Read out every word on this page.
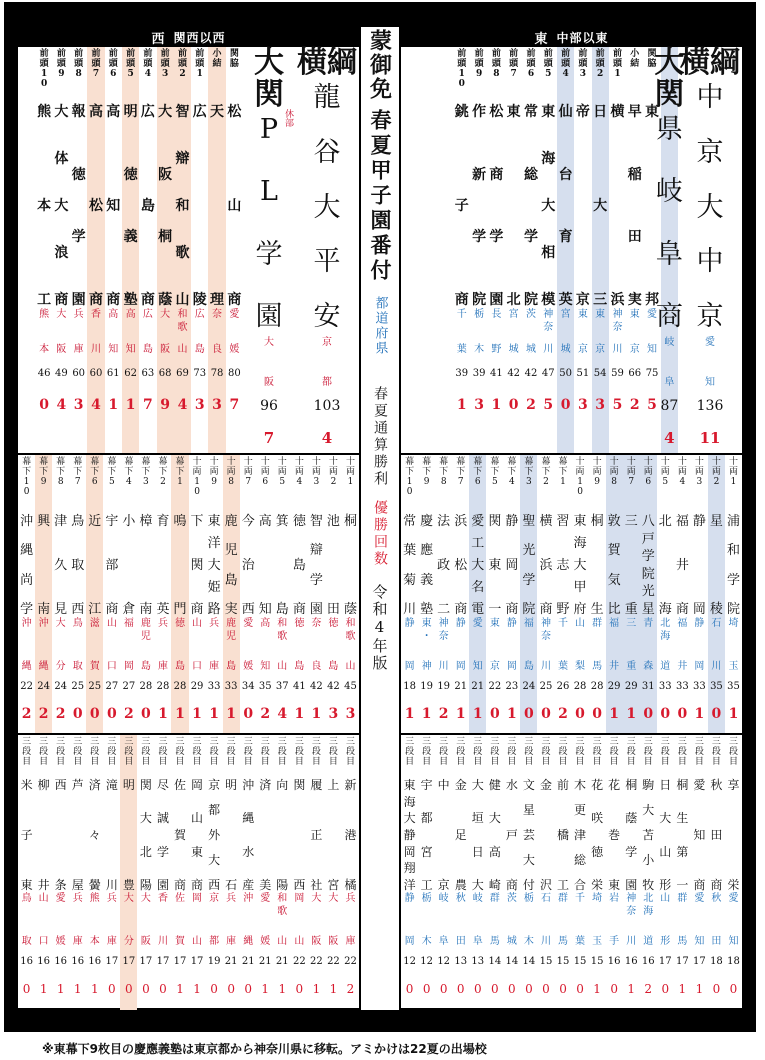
西 関西以西
横綱
龍
谷
大
平
安
京
都
103
4
大関
P
L
学
園
休部
大
阪
96
7
関
脇
松
山
商
愛
媛
80
7
小
結
天
理
奈
良
78
3
前
頭
1
広
陵
広
島
73
3
前
頭
2
智
辯
和
歌
山
和
歌
山
69
4
前
頭
3
大
阪
桐
蔭
大
阪
68
9
前
頭
4
広
島
商
広
島
63
7
前
頭
5
明
徳
義
塾
高
知
62
1
前
頭
6
高
知
商
高
知
61
1
前
頭
7
高
松
商
香
川
60
4
前
頭
8
報
徳
学
園
兵
庫
60
3
前
頭
9
大
体
大
浪
商
大
阪
49
4
前
頭
1
0
熊
本
工
熊
本
46
0
十
両
1
桐
蔭
和
歌
山
45
3
十
両
2
池
田
徳
島
42
3
十
両
3
智
辯
学
園
奈
良
42
1
十
両
4
徳
島
商
徳
島
41
1
十
両
5
箕
島
和
歌
山
37
4
十
両
6
高
知
高
知
35
2
十
両
7
今
治
西
愛
媛
34
0
十
両
8
鹿
児
島
実
鹿
児
島
33
1
十
両
9
東
洋
大
姫
路
兵
庫
33
1
十
両
1
0
下
関
商
山
口
29
1
幕
下
1
鳴
門
徳
島
28
1
幕
下
2
育
英
兵
庫
28
1
幕
下
3
樟
南
鹿
児
島
28
0
幕
下
4
小
倉
福
岡
27
2
幕
下
5
宇
部
商
山
口
27
0
幕
下
6
近
江
滋
賀
25
0
幕
下
7
鳥
取
西
鳥
取
25
0
幕
下
8
津
久
見
大
分
24
2
幕
下
9
興
南
沖
縄
24
2
幕
下
1
0
沖
縄
尚
学
沖
縄
22
2
三
段
目
新
港
橘
兵
庫
22
2
三
段
目
上
宮
大
阪
22
1
三
段
目
履
正
社
大
阪
22
1
三
段
目
関
西
岡
山
22
0
三
段
目
向
陽
和
歌
山
21
1
三
段
目
済
美
愛
媛
21
1
三
段
目
沖
縄
水
産
沖
縄
21
0
三
段
目
明
石
兵
庫
21
0
三
段
目
京
都
外
大
西
京
都
19
0
三
段
目
岡
山
東
商
岡
山
17
1
三
段
目
佐
賀
商
佐
賀
17
1
三
段
目
尽
誠
学
園
香
川
17
0
三
段
目
関
大
北
陽
大
阪
17
0
三
段
目
明
豊
大
分
17
0
三
段
目
滝
川
兵
庫
17
0
三
段
目
済
々
黌
熊
本
16
1
三
段
目
芦
屋
兵
庫
16
1
三
段
目
西
条
愛
媛
16
1
三
段
目
柳
井
山
口
16
1
三
段
目
米
子
東
鳥
取
16
0
蒙御免
春夏甲子園番付
都道府県
春夏通算勝利
優勝回数
令和4年版
東 中部以東
横綱
中
京
大
中
京
愛
知
136
11
大関
県
岐
阜
商
岐
阜
87
4
関
脇
東
邦
愛
知
75
5
小
結
早
稲
田
実
東
京
66
2
前
頭
1
横
浜
神
奈
川
59
5
前
頭
2
日
大
三
東
京
54
3
前
頭
3
帝
京
東
京
51
3
前
頭
4
仙
台
育
英
宮
城
50
0
前
頭
5
東
海
大
相
模
神
奈
川
47
5
前
頭
6
常
総
学
院
茨
城
42
2
前
頭
7
東
北
宮
城
42
0
前
頭
8
松
商
学
園
長
野
41
1
前
頭
9
作
新
学
院
栃
木
39
3
前
頭
1
0
銚
子
商
千
葉
39
1
十
両
1
浦
和
学
院
埼
玉
35
1
十
両
2
星
稜
石
川
35
0
十
両
3
静
岡
静
岡
33
1
十
両
4
福
井
商
福
井
33
0
十
両
5
北
海
北
海
道
33
0
十
両
6
八
戸
学
院
光
星
青
森
31
0
十
両
7
三
重
三
重
29
1
十
両
8
敦
賀
気
比
福
井
29
1
十
両
9
桐
生
群
馬
28
0
十
両
1
0
東
海
大
甲
府
山
梨
28
0
幕
下
1
習
志
野
千
葉
26
2
幕
下
2
横
浜
商
神
奈
川
25
0
幕
下
3
聖
光
学
院
福
島
24
0
幕
下
4
静
岡
商
静
岡
23
1
幕
下
5
関
東
一
東
京
22
0
幕
下
6
愛
工
大
名
電
愛
知
21
1
幕
下
7
浜
松
商
静
岡
21
1
幕
下
8
法
政
二
神
奈
川
19
2
幕
下
9
慶
應
義
塾
東
・
神
19
1
幕
下
1
0
常
葉
菊
川
静
岡
18
1
三
段
目
享
栄
愛
知
18
0
三
段
目
秋
田
商
秋
田
18
0
三
段
目
愛
知
商
愛
知
17
1
三
段
目
桐
生
第
一
群
馬
17
1
三
段
目
日
大
山
形
山
形
17
0
三
段
目
駒
大
苫
小
牧
北
海
道
16
2
三
段
目
桐
蔭
学
園
神
奈
川
16
1
三
段
目
花
巻
東
岩
手
16
0
三
段
目
花
咲
徳
栄
埼
玉
15
1
三
段
目
木
更
津
総
合
千
葉
15
0
三
段
目
前
橋
工
群
馬
15
0
三
段
目
金
沢
石
川
15
0
三
段
目
文
星
芸
大
付
栃
木
14
0
三
段
目
水
戸
商
茨
城
14
0
三
段
目
健
大
高
崎
群
馬
14
0
三
段
目
大
垣
日
大
岐
阜
13
0
三
段
目
金
足
農
秋
田
13
0
三
段
目
中
京
岐
阜
12
0
三
段
目
宇
都
宮
工
栃
木
12
0
三
段
目
東
海
大
静
岡
翔
洋
静
岡
12
0
※東幕下9枚目の慶應義塾は東京都から神奈川県に移転。アミかけは22夏の出場校
